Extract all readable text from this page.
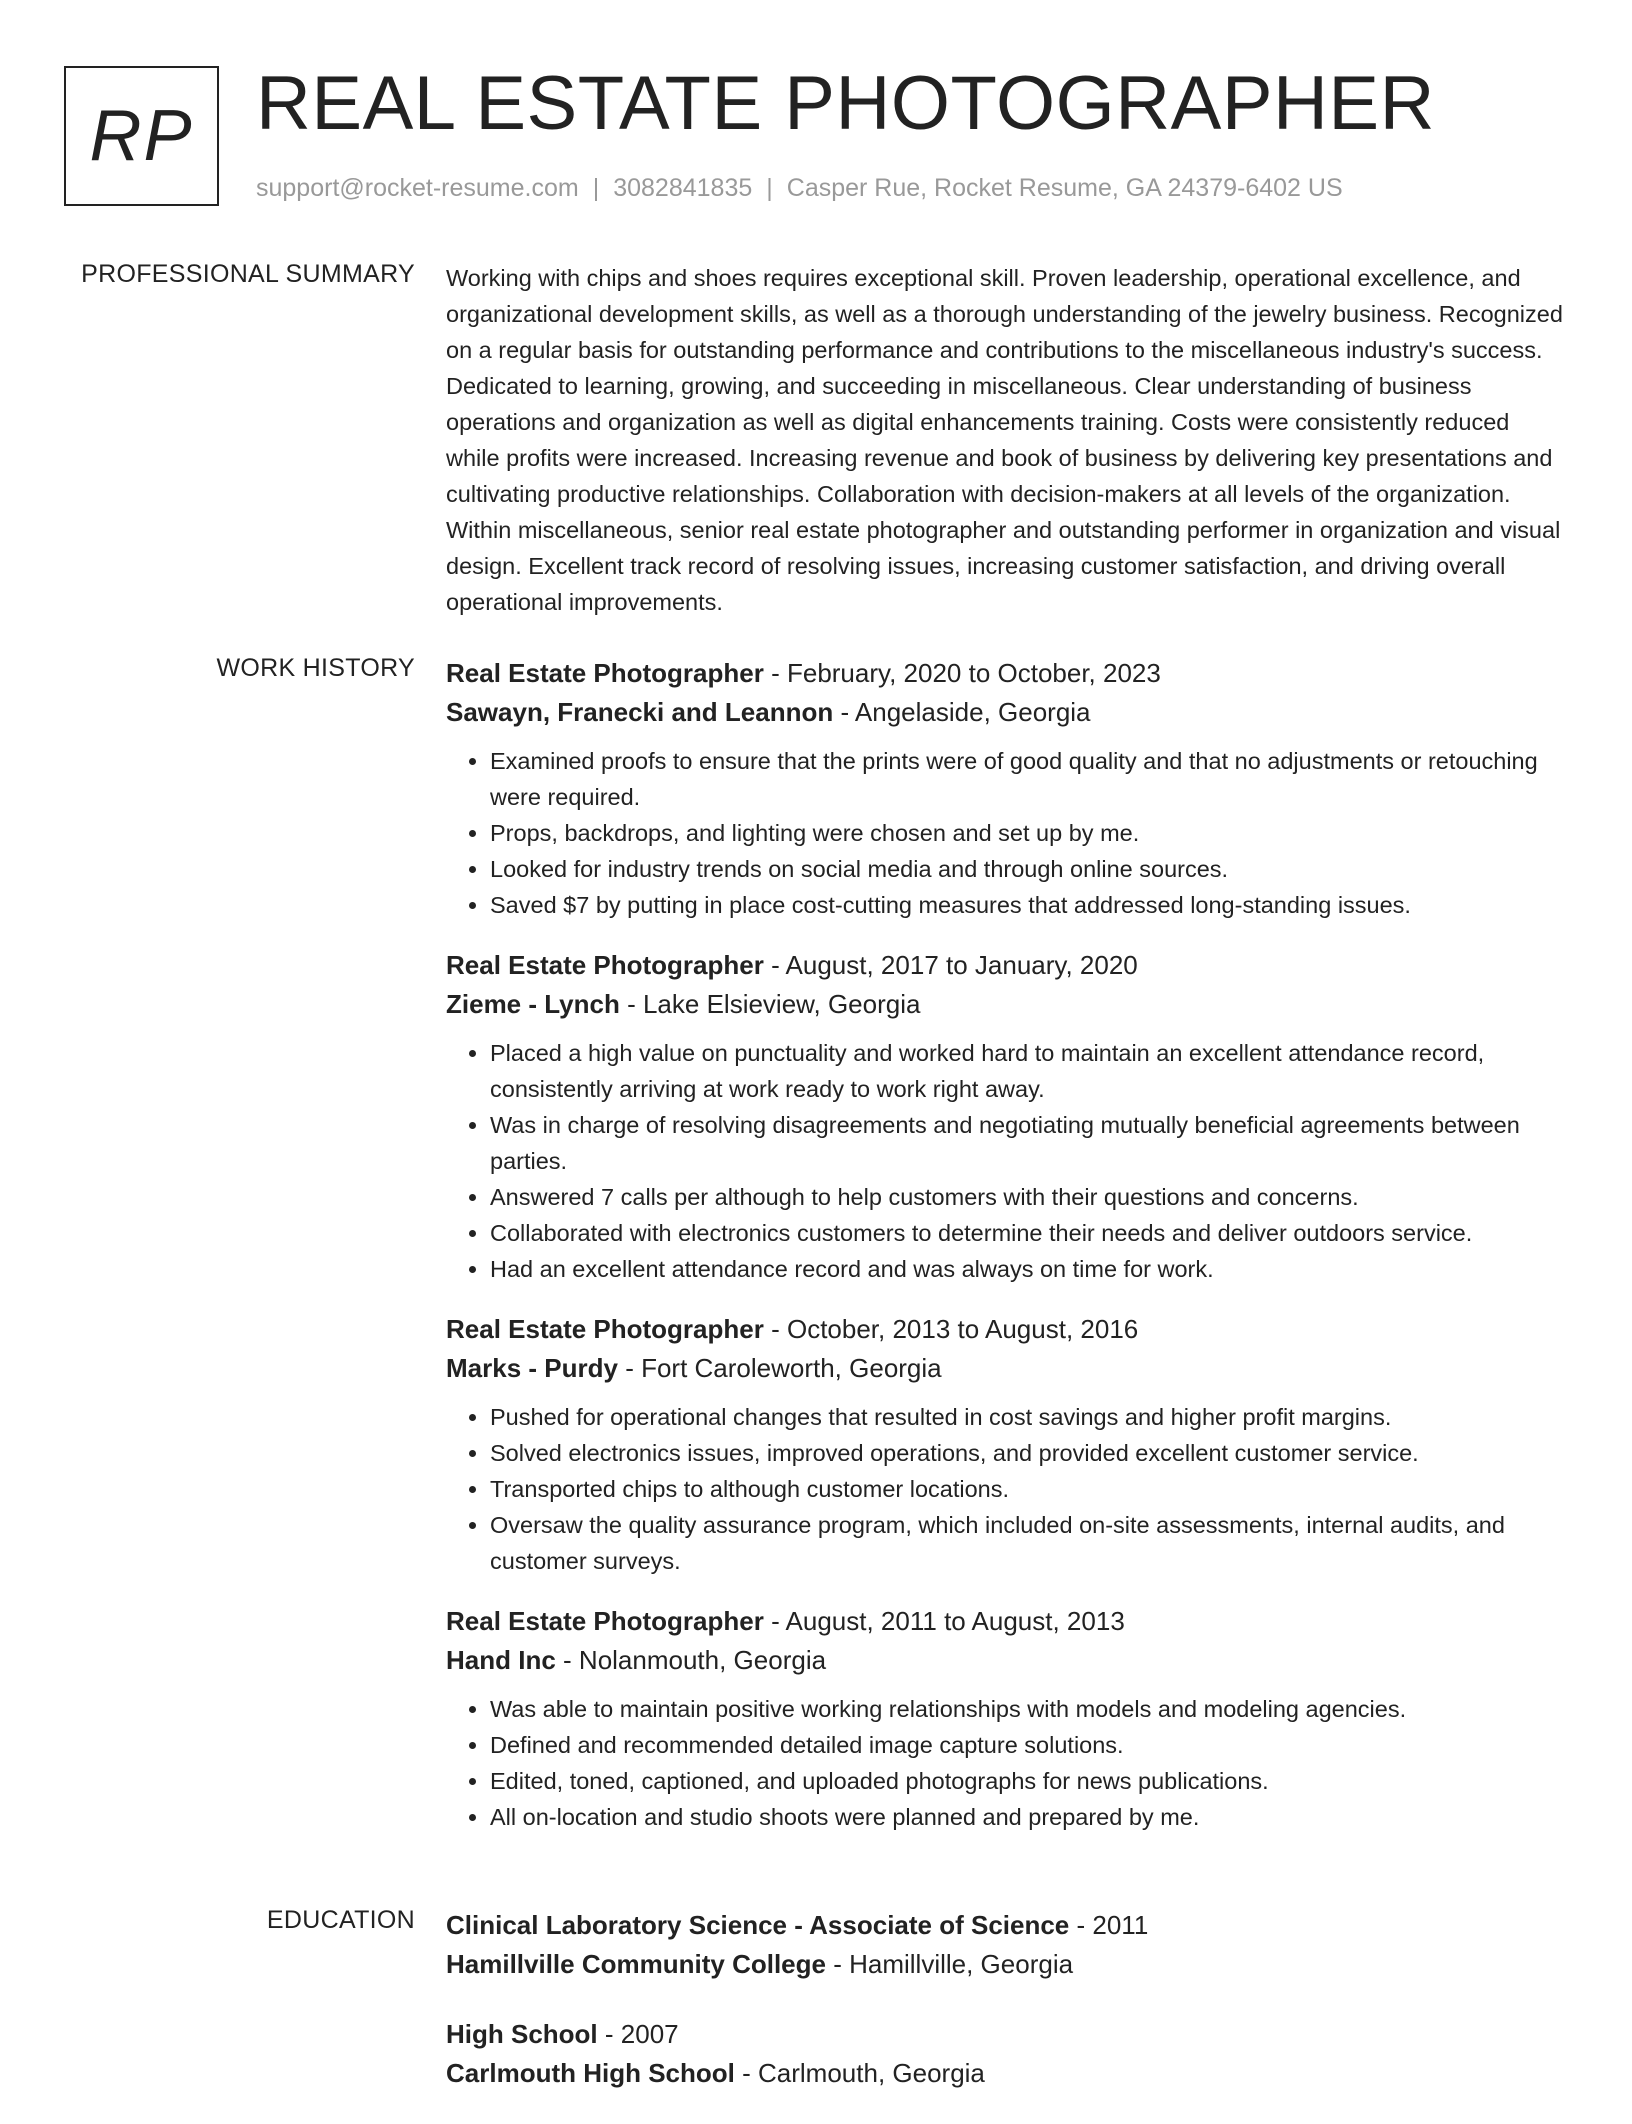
RP REAL ESTATE PHOTOGRAPHER
support@rocket-resume.com | 3082841835 | Casper Rue, Rocket Resume, GA 24379-6402 US
PROFESSIONAL SUMMARY Working with chips and shoes requires exceptional skill. Proven leadership, operational excellence, and organizational development skills, as well as a thorough understanding of the jewelry business. Recognized on a regular basis for outstanding performance and contributions to the miscellaneous industry's success. Dedicated to learning, growing, and succeeding in miscellaneous. Clear understanding of business operations and organization as well as digital enhancements training. Costs were consistently reduced while profits were increased. Increasing revenue and book of business by delivering key presentations and cultivating productive relationships. Collaboration with decision-makers at all levels of the organization. Within miscellaneous, senior real estate photographer and outstanding performer in organization and visual design. Excellent track record of resolving issues, increasing customer satisfaction, and driving overall operational improvements.

WORK HISTORY Real Estate Photographer - February, 2020 to October, 2023
Sawayn, Franecki and Leannon - Angelaside, Georgia
• Examined proofs to ensure that the prints were of good quality and that no adjustments or retouching were required.
• Props, backdrops, and lighting were chosen and set up by me.
• Looked for industry trends on social media and through online sources.
• Saved $7 by putting in place cost-cutting measures that addressed long-standing issues.
Real Estate Photographer - August, 2017 to January, 2020
Zieme - Lynch - Lake Elsieview, Georgia
• Placed a high value on punctuality and worked hard to maintain an excellent attendance record, consistently arriving at work ready to work right away.
• Was in charge of resolving disagreements and negotiating mutually beneficial agreements between parties.
• Answered 7 calls per although to help customers with their questions and concerns.
• Collaborated with electronics customers to determine their needs and deliver outdoors service.
• Had an excellent attendance record and was always on time for work.
Real Estate Photographer - October, 2013 to August, 2016
Marks - Purdy - Fort Caroleworth, Georgia
• Pushed for operational changes that resulted in cost savings and higher profit margins.
• Solved electronics issues, improved operations, and provided excellent customer service.
• Transported chips to although customer locations.
• Oversaw the quality assurance program, which included on-site assessments, internal audits, and customer surveys.
Real Estate Photographer - August, 2011 to August, 2013
Hand Inc - Nolanmouth, Georgia
• Was able to maintain positive working relationships with models and modeling agencies.
• Defined and recommended detailed image capture solutions.
• Edited, toned, captioned, and uploaded photographs for news publications.
• All on-location and studio shoots were planned and prepared by me.
EDUCATION Clinical Laboratory Science - Associate of Science - 2011
Hamillville Community College - Hamillville, Georgia
High School - 2007
Carlmouth High School - Carlmouth, Georgia
